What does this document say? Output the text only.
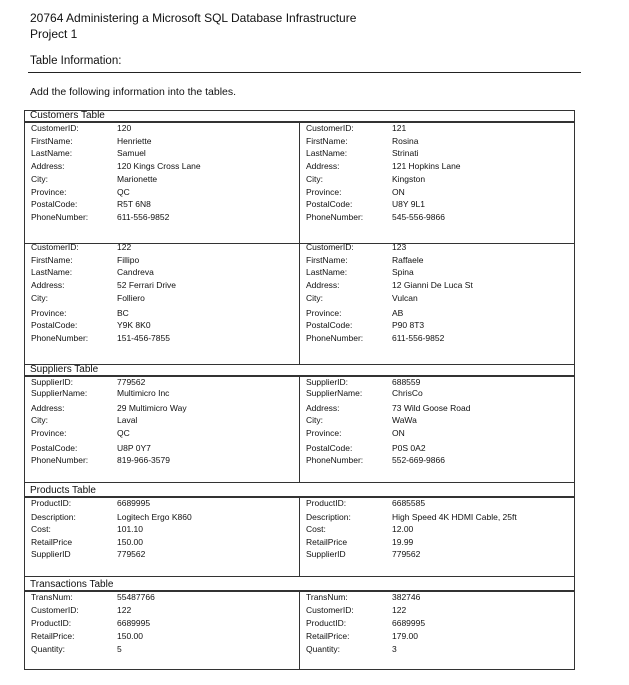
20764 Administering a Microsoft SQL Database Infrastructure
Project 1
Table Information:
Add the following information into the tables.
Customers Table
CustomerID:	120
FirstName:	Henriette
LastName:	Samuel
Address:	120 Kings Cross Lane
City:	Marionette
Province:	QC
PostalCode:	R5T 6N8
PhoneNumber:	611-556-9852
CustomerID:	121
FirstName:	Rosina
LastName:	Strinati
Address:	121 Hopkins Lane
City:	Kingston
Province:	ON
PostalCode:	U8Y 9L1
PhoneNumber:	545-556-9866
CustomerID:	122
FirstName:	Fillipo
LastName:	Candreva
Address:	52 Ferrari Drive
City:	Folliero
Province:	BC
PostalCode:	Y9K 8K0
PhoneNumber:	151-456-7855
CustomerID:	123
FirstName:	Raffaele
LastName:	Spina
Address:	12 Gianni De Luca St
City:	Vulcan
Province:	AB
PostalCode:	P90 8T3
PhoneNumber:	611-556-9852
Suppliers Table
SupplierID:	779562
SupplierName:	Multimicro Inc
Address:	29 Multimicro Way
City:	Laval
Province:	QC
PostalCode:	U8P 0Y7
PhoneNumber:	819-966-3579
SupplierID:	688559
SupplierName:	ChrisCo
Address:	73 Wild Goose Road
City:	WaWa
Province:	ON
PostalCode:	P0S 0A2
PhoneNumber:	552-669-9866
Products Table
ProductID:	6689995
Description:	Logitech Ergo K860
Cost:	101.10
RetailPrice	150.00
SupplierID	779562
ProductID:	6685585
Description:	High Speed 4K HDMI Cable, 25ft
Cost:	12.00
RetailPrice	19.99
SupplierID	779562
Transactions Table
TransNum:	55487766
CustomerID:	122
ProductID:	6689995
RetailPrice:	150.00
Quantity:	5
TransNum:	382746
CustomerID:	122
ProductID:	6689995
RetailPrice:	179.00
Quantity:	3
